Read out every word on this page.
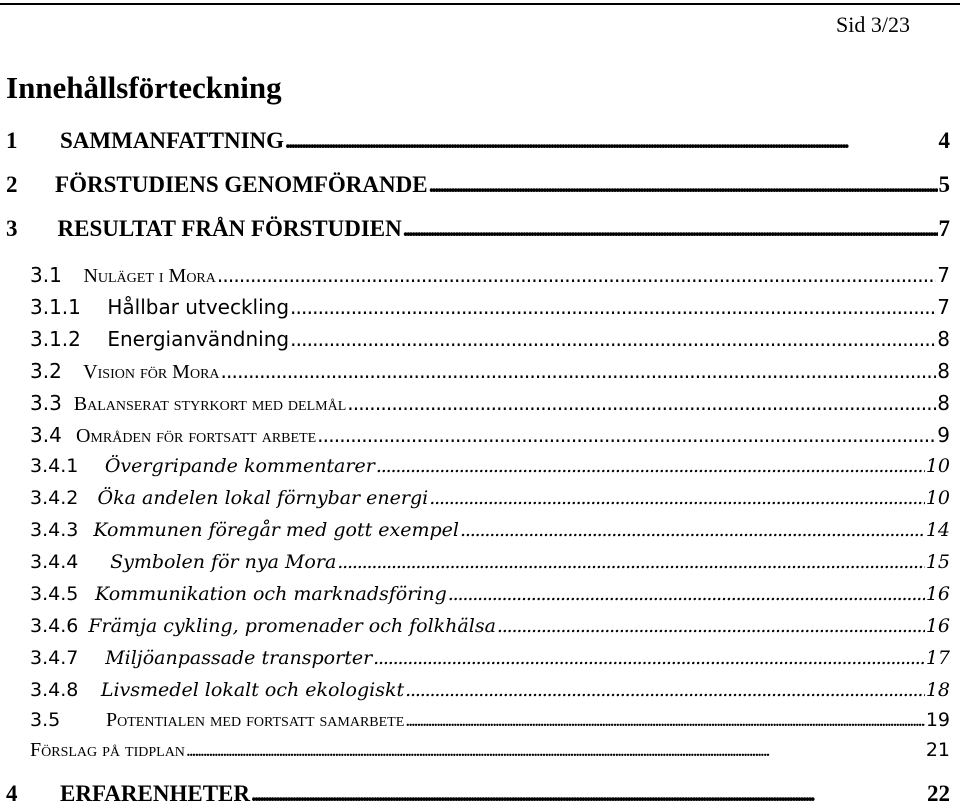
Sid 3/23
Innehållsförteckning
1	SAMMANFATTNING . . .	4
2	FÖRSTUDIENS GENOMFÖRANDE . . .	5
3	RESULTAT FRÅN FÖRSTUDIEN . . .	7
3.1	Nuläget i Mora . . .	7
3.1.1	Hållbar utveckling . . .	7
3.1.2	Energianvändning . . .	8
3.2	Vision för Mora . . .	8
3.3 Balanserat styrkort med delmål . . .	8
3.4 Områden för fortsatt arbete . . .	9
3.4.1	Övergripande kommentarer . . .	10
3.4.2	Öka andelen lokal förnybar energi . . .	10
3.4.3 Kommunen föregår med gott exempel . . .	14
3.4.4	Symbolen för nya Mora . . .	15
3.4.5 Kommunikation och marknadsföring . . .	16
3.4.6 Främja cykling, promenader och folkhälsa . . .	16
3.4.7	Miljöanpassade transporter . . .	17
3.4.8	Livsmedel lokalt och ekologiskt . . .	18
3.5	Potentialen med fortsatt samarbete . . .	19
Förslag på tidplan . . .	21
4	ERFARENHETER . . .	22
